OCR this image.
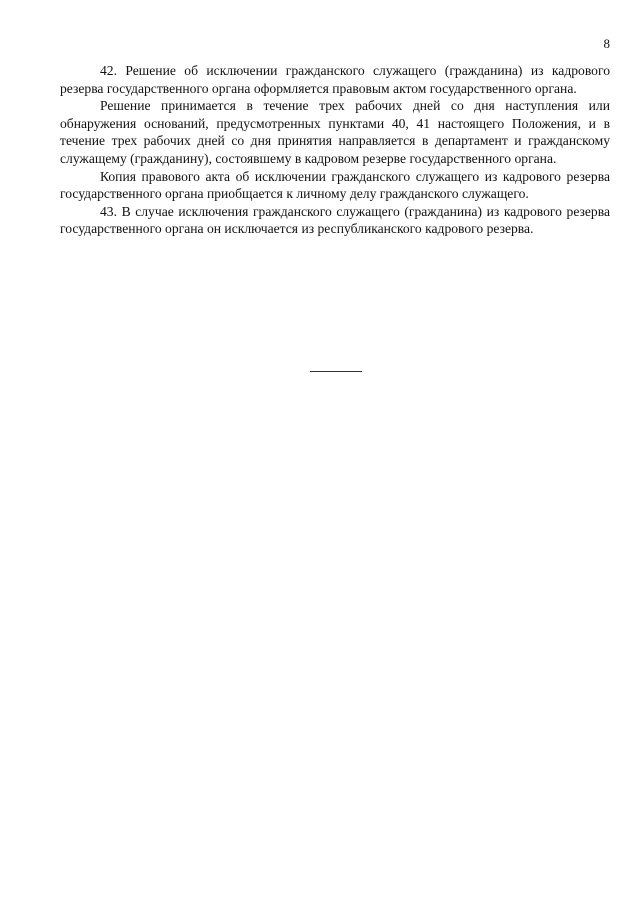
8

42. Решение об исключении гражданского служащего (гражданина) из кадрового резерва государственного органа оформляется правовым актом государственного органа.

Решение принимается в течение трех рабочих дней со дня наступления или обнаружения оснований, предусмотренных пунктами 40, 41 настоящего Положения, и в течение трех рабочих дней со дня принятия направляется в департамент и гражданскому служащему (гражданину), состоявшему в кадровом резерве государственного органа.

Копия правового акта об исключении гражданского служащего из кадрового резерва государственного органа приобщается к личному делу гражданского служащего.

43. В случае исключения гражданского служащего (гражданина) из кадрового резерва государственного органа он исключается из республиканского кадрового резерва.
